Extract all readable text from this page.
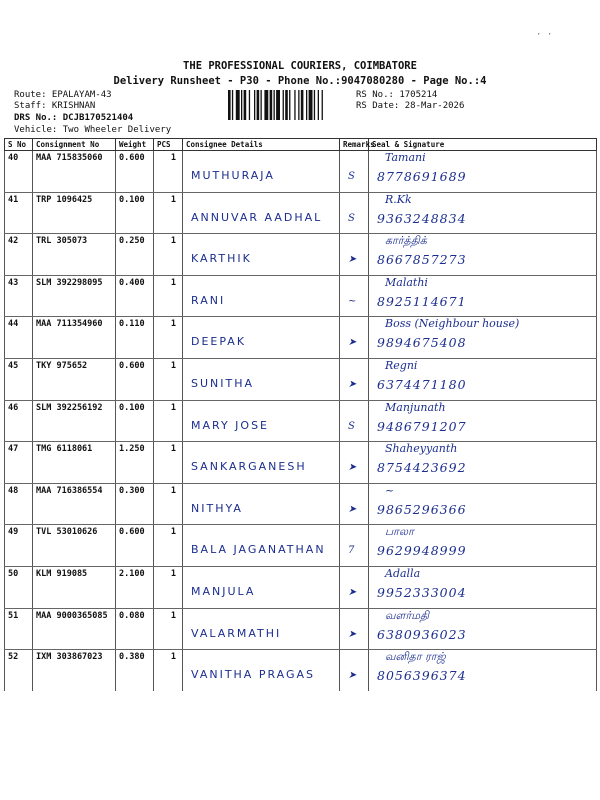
· ·
THE PROFESSIONAL COURIERS, COIMBATORE
Delivery Runsheet - P30 - Phone No.:9047080280 - Page No.:4
Route: EPALAYAM-43
Staff: KRISHNAN
DRS No.: DCJB170521404
Vehicle: Two Wheeler Delivery
RS No.: 1705214
RS Date: 28-Mar-2026
S No	Consignment No	Weight	PCS	Consignee Details	Remarks	Seal & Signature
40	MAA 715835060	0.600	1	MUTHURAJA	S	Tamani
8778691689

41	TRP 1096425	0.100	1	ANNUVAR AADHAL	S	R.Kk
9363248834

42	TRL 305073	0.250	1	KARTHIK	➤	கார்த்திக்
8667857273

43	SLM 392298095	0.400	1	RANI	~	Malathi
8925114671

44	MAA 711354960	0.110	1	DEEPAK	➤	Boss (Neighbour house)
9894675408

45	TKY 975652	0.600	1	SUNITHA	➤	Regni
6374471180

46	SLM 392256192	0.100	1	MARY JOSE	S	Manjunath
9486791207

47	TMG 6118061	1.250	1	SANKARGANESH	➤	Shaheyyanth
8754423692

48	MAA 716386554	0.300	1	NITHYA	➤	~
9865296366

49	TVL 53010626	0.600	1	BALA JAGANATHAN	7	பாலா
9629948999

50	KLM 919085	2.100	1	MANJULA	➤	Adalla
9952333004

51	MAA 9000365085	0.080	1	VALARMATHI	➤	வளர்மதி
6380936023

52	IXM 303867023	0.380	1	VANITHA PRAGAS	➤	வனிதா ராஜ்
8056396374
